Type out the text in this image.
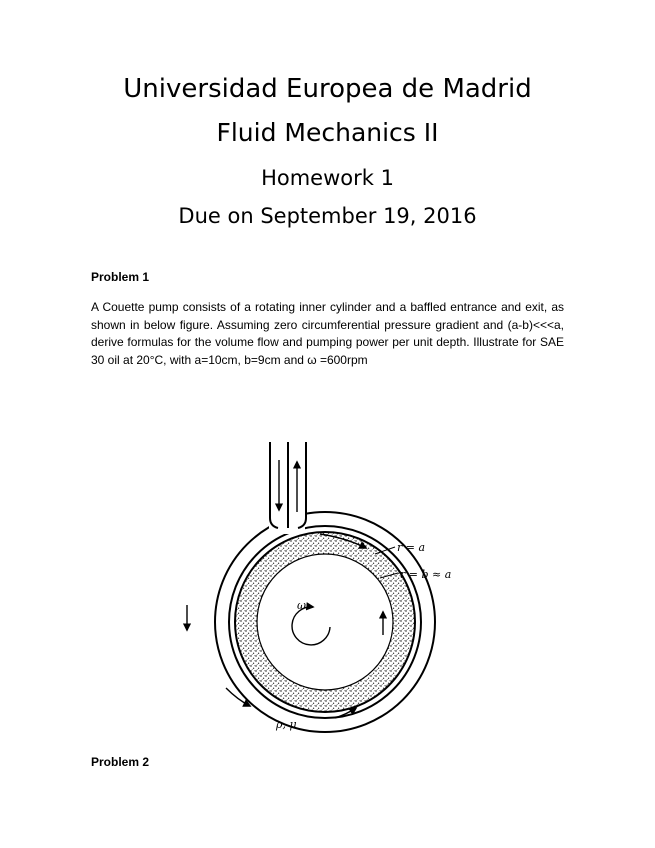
Universidad Europea de Madrid
Fluid Mechanics II
Homework 1
Due on September 19, 2016
Problem 1

A Couette pump consists of a rotating inner cylinder and a baffled entrance and exit, as shown in below figure. Assuming zero circumferential pressure gradient and (a-b)<<<a, derive formulas for the volume flow and pumping power per unit depth. Illustrate for SAE 30 oil at 20°C, with a=10cm, b=9cm and ω =600rpm

r = a
r = b ≈ a
ω
ρ, μ
Problem 2
